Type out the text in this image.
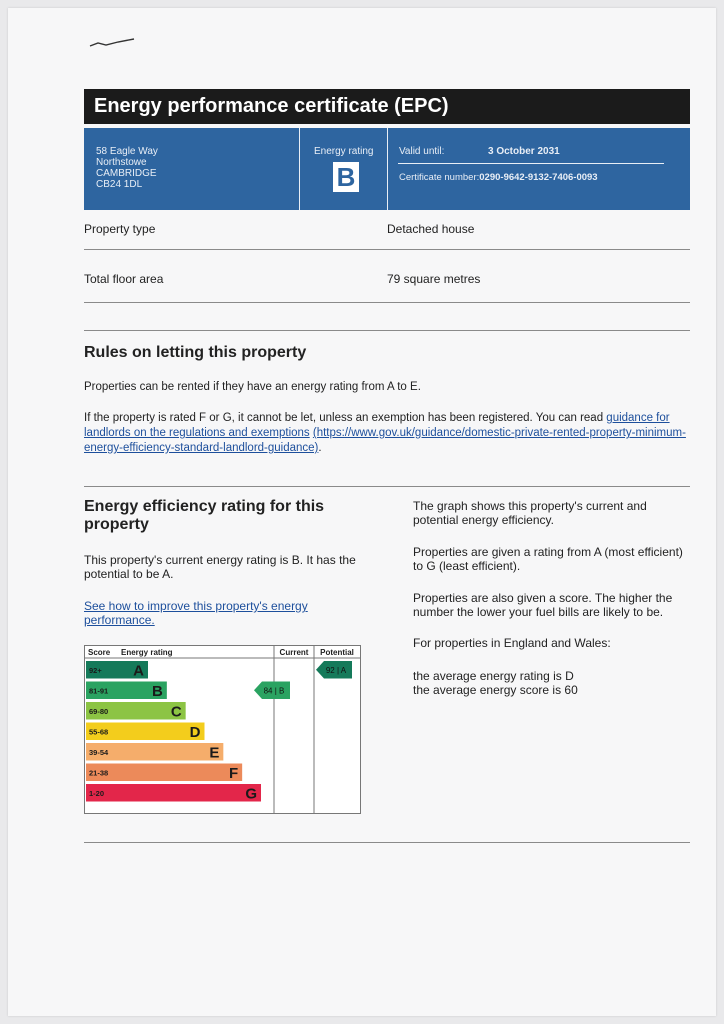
Energy performance certificate (EPC)
58 Eagle Way
Northstowe
CAMBRIDGE
CB24 1DL
Energy rating
B
Valid until:	3 October 2031
Certificate number:0290-9642-9132-7406-0093
Property type	Detached house
Total floor area	79 square metres
Rules on letting this property
Properties can be rented if they have an energy rating from A to E.
If the property is rated F or G, it cannot be let, unless an exemption has been registered. You can read guidance for landlords on the regulations and exemptions (https://www.gov.uk/guidance/domestic-private-rented-property-minimum-energy-efficiency-standard-landlord-guidance).
Energy efficiency rating for this property
This property's current energy rating is B. It has the potential to be A.
See how to improve this property's energy performance.
The graph shows this property's current and potential energy efficiency.
Properties are given a rating from A (most efficient) to G (least efficient).
Properties are also given a score. The higher the number the lower your fuel bills are likely to be.
For properties in England and Wales:
the average energy rating is D
the average energy score is 60
Score Energy rating	Current Potential
92+ A
81-91	B
69-80	C
55-68	D
39-54	E
21-38	F
1-20	G
84 | B
92 | A
